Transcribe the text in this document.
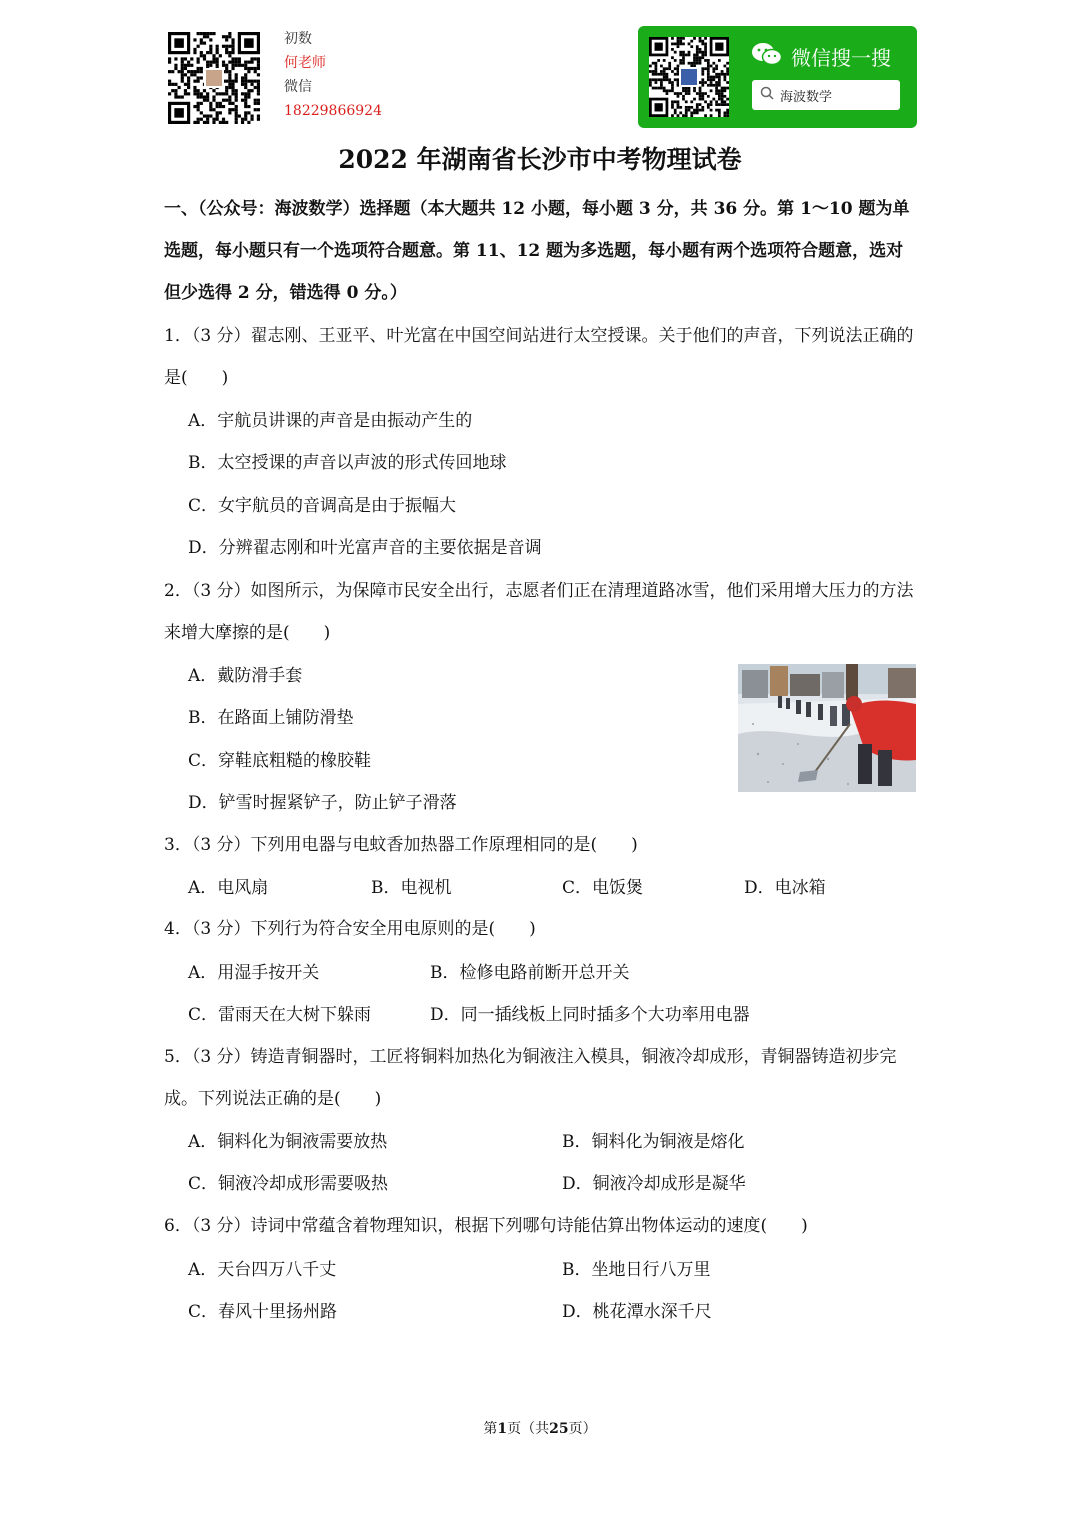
初数
何老师
微信
18229866924
微信搜一搜
海波数学
2022 年湖南省长沙市中考物理试卷
一、（公众号：海波数学）选择题（本大题共 12 小题，每小题 3 分，共 36 分。第 1～10 题为单选题，每小题只有一个选项符合题意。第 11、12 题为多选题，每小题有两个选项符合题意，选对但少选得 2 分，错选得 0 分。）
1．（3 分）翟志刚、王亚平、叶光富在中国空间站进行太空授课。关于他们的声音，下列说法正确的是(　　)
A．宇航员讲课的声音是由振动产生的
B．太空授课的声音以声波的形式传回地球
C．女宇航员的音调高是由于振幅大
D．分辨翟志刚和叶光富声音的主要依据是音调
2．（3 分）如图所示，为保障市民安全出行，志愿者们正在清理道路冰雪，他们采用增大压力的方法来增大摩擦的是(　　)
A．戴防滑手套
B．在路面上铺防滑垫
C．穿鞋底粗糙的橡胶鞋
D．铲雪时握紧铲子，防止铲子滑落
3．（3 分）下列用电器与电蚊香加热器工作原理相同的是(　　)
A．电风扇	B．电视机	C．电饭煲	D．电冰箱
4．（3 分）下列行为符合安全用电原则的是(　　)
A．用湿手按开关	B．检修电路前断开总开关
C．雷雨天在大树下躲雨	D．同一插线板上同时插多个大功率用电器
5．（3 分）铸造青铜器时，工匠将铜料加热化为铜液注入模具，铜液冷却成形，青铜器铸造初步完成。下列说法正确的是(　　)
A．铜料化为铜液需要放热	B．铜料化为铜液是熔化
C．铜液冷却成形需要吸热	D．铜液冷却成形是凝华
6．（3 分）诗词中常蕴含着物理知识，根据下列哪句诗能估算出物体运动的速度(　　)
A．天台四万八千丈	B．坐地日行八万里
C．春风十里扬州路	D．桃花潭水深千尺
第1页（共25页）
